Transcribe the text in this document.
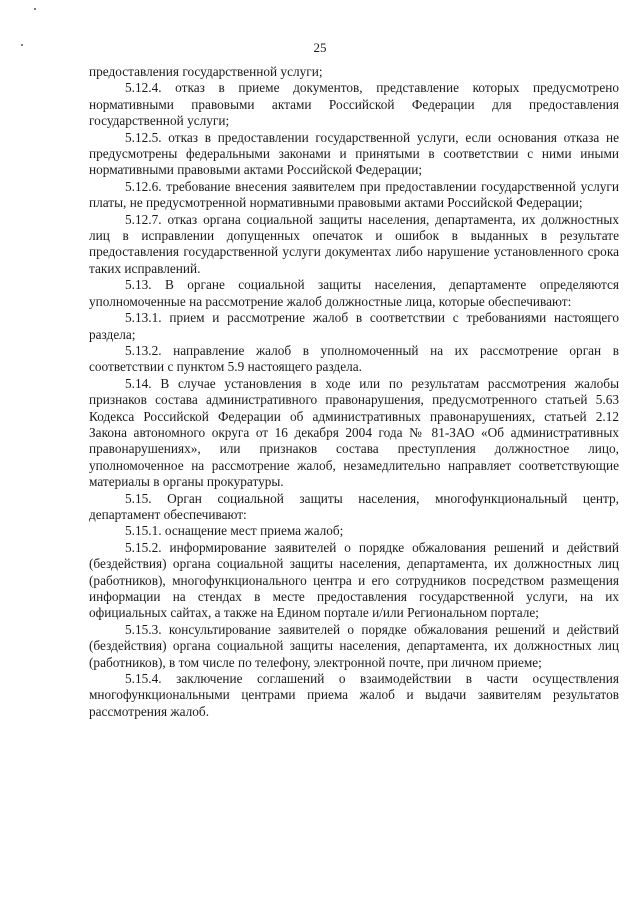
25

предоставления государственной услуги;

5.12.4. отказ в приеме документов, представление которых предусмотрено нормативными правовыми актами Российской Федерации для предоставления государственной услуги;

5.12.5. отказ в предоставлении государственной услуги, если основания отказа не предусмотрены федеральными законами и принятыми в соответствии с ними иными нормативными правовыми актами Российской Федерации;

5.12.6. требование внесения заявителем при предоставлении государственной услуги платы, не предусмотренной нормативными правовыми актами Российской Федерации;

5.12.7. отказ органа социальной защиты населения, департамента, их должностных лиц в исправлении допущенных опечаток и ошибок в выданных в результате предоставления государственной услуги документах либо нарушение установленного срока таких исправлений.

5.13. В органе социальной защиты населения, департаменте определяются уполномоченные на рассмотрение жалоб должностные лица, которые обеспечивают:

5.13.1. прием и рассмотрение жалоб в соответствии с требованиями настоящего раздела;

5.13.2. направление жалоб в уполномоченный на их рассмотрение орган в соответствии с пунктом 5.9 настоящего раздела.

5.14. В случае установления в ходе или по результатам рассмотрения жалобы признаков состава административного правонарушения, предусмотренного статьей 5.63 Кодекса Российской Федерации об административных правонарушениях, статьей 2.12 Закона автономного округа от 16 декабря 2004 года № 81-ЗАО «Об административных правонарушениях», или признаков состава преступления должностное лицо, уполномоченное на рассмотрение жалоб, незамедлительно направляет соответствующие материалы в органы прокуратуры.

5.15. Орган социальной защиты населения, многофункциональный центр, департамент обеспечивают:

5.15.1. оснащение мест приема жалоб;

5.15.2. информирование заявителей о порядке обжалования решений и действий (бездействия) органа социальной защиты населения, департамента, их должностных лиц (работников), многофункционального центра и его сотрудников посредством размещения информации на стендах в месте предоставления государственной услуги, на их официальных сайтах, а также на Едином портале и/или Региональном портале;

5.15.3. консультирование заявителей о порядке обжалования решений и действий (бездействия) органа социальной защиты населения, департамента, их должностных лиц (работников), в том числе по телефону, электронной почте, при личном приеме;

5.15.4. заключение соглашений о взаимодействии в части осуществления многофункциональными центрами приема жалоб и выдачи заявителям результатов рассмотрения жалоб.
